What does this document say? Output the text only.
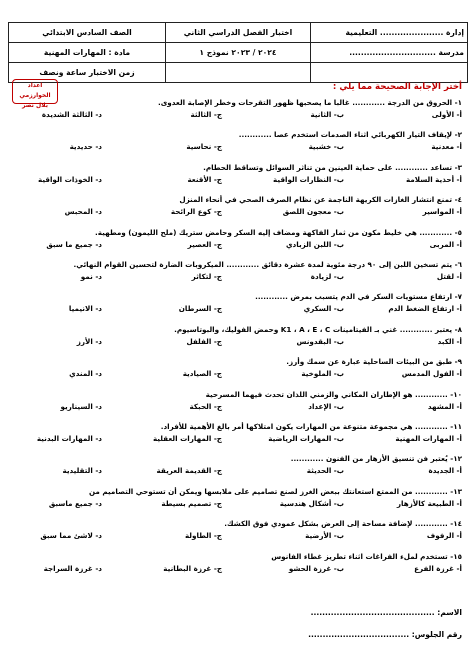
إدارة ...................... التعليمية	اختبار الفصل الدراسي الثاني	الصف السادس الابتدائي
مدرسة ..............................	٢٠٢٤ / ٢٠٢٣ نموذج ١	مادة : المهارات المهنية
		زمن الاختبار ساعة ونصف
أختر الإجابة الصحيحة مما يلي :
اعداد الخوارزمي
بلال نصر	١- الحروق من الدرجة ............ غالبا ما يصحبها ظهور التقرحات وخطر الإصابة العدوى.
أ- الأولى
ب- الثانية
ج- الثالثة
د- الثالثة الشديدة
٢- لإيقاف التيار الكهربائي اثناء الصدمات استخدم عصا ............
أ- معدنية
ب- خشبية
ج- نحاسية
د- حديدية
٣- تساعد ............ على حماية العينين من تناثر السوائل وتساقط الحطام.
أ- أحذية السلامة
ب- النظارات الواقية
ج- الأقنعة
د- الخوذات الواقية
٤- تمنع انتشار الغازات الكريهة الناجمة عن نظام الصرف الصحي في أنحاء المنزل
أ- المواسير
ب- معجون اللصق
ج- كوع الرائحة
د- المحبس
٥- ............ هي خليط مكون من ثمار الفاكهة ومضاف إليه السكر وحامض ستريك (ملح الليمون) ومطهية.
أ- المربى
ب- اللبن الزبادي
ج- العصير
د- جميع ما سبق
٦- يتم تسخين اللبن إلى ٩٠ درجة مئوية لمدة عشرة دقائق ............ الميكروبات الضارة لتحسين القوام النهائي.
أ- لقتل
ب- لزيادة
ج- لتكاثر
د- نمو
٧- ارتفاع مستويات السكر في الدم يتسبب بمرض ............
أ- ارتفاع الضغط الدم
ب- السكري
ج- السرطان
د- الانيميا
٨- يعتبر ............ غني بـ الفيتامينات K1 ، A ، E ، C وحمض الفوليك، والبوتاسيوم.
أ- الكبد
ب- البقدونس
ج- الفلفل
د- الأرز
٩- طبق من البيئات الساحلية عبارة عن سمك وأرز.
أ- الفول المدمس
ب- الملوخية
ج- الصيادية
د- المندي
١٠- ............ هو الإطاران المكاني والزمني اللذان تحدث فيهما المسرحية
أ- المشهد
ب- الإعداد
ج- الحبكة
د- السيناريو
١١- ............ هي مجموعة متنوعة من المهارات يكون امتلاكها أمر بالغ الأهمية للأفراد.
أ- المهارات المهنية
ب- المهارات الرياضية
ج- المهارات العقلية
د- المهارات البدنية
١٢- يُعتبر فن تنسيق الأزهار من الفنون ............
أ- الجديدة
ب- الحديثة
ج- القديمة العريقة
د- التقليدية
١٣- ............ من الممتع استعانتك ببعض الغرز لصنع تصاميم على ملابسها ويمكن أن تستوحي التصاميم من
أ- الطبيعة كالأزهار
ب- أشكال هندسية
ج- تصميم بسيطة
د- جميع ماسبق
١٤- ............ لإضافة مساحة إلى العرض بشكل عمودي فوق الكشك.
أ- الرفوف
ب- الأرضية
ج- الطاولة
د- لاشئ مما سبق
١٥- تستخدم لملء الفراغات اثناء تطريز غطاء الفانوس
أ- غرزة الفرع
ب- غرزة الحشو
ج- غرزة البطانية
د- غرزة السراجة
الاسم: ...........................................
رقم الجلوس: ...................................
